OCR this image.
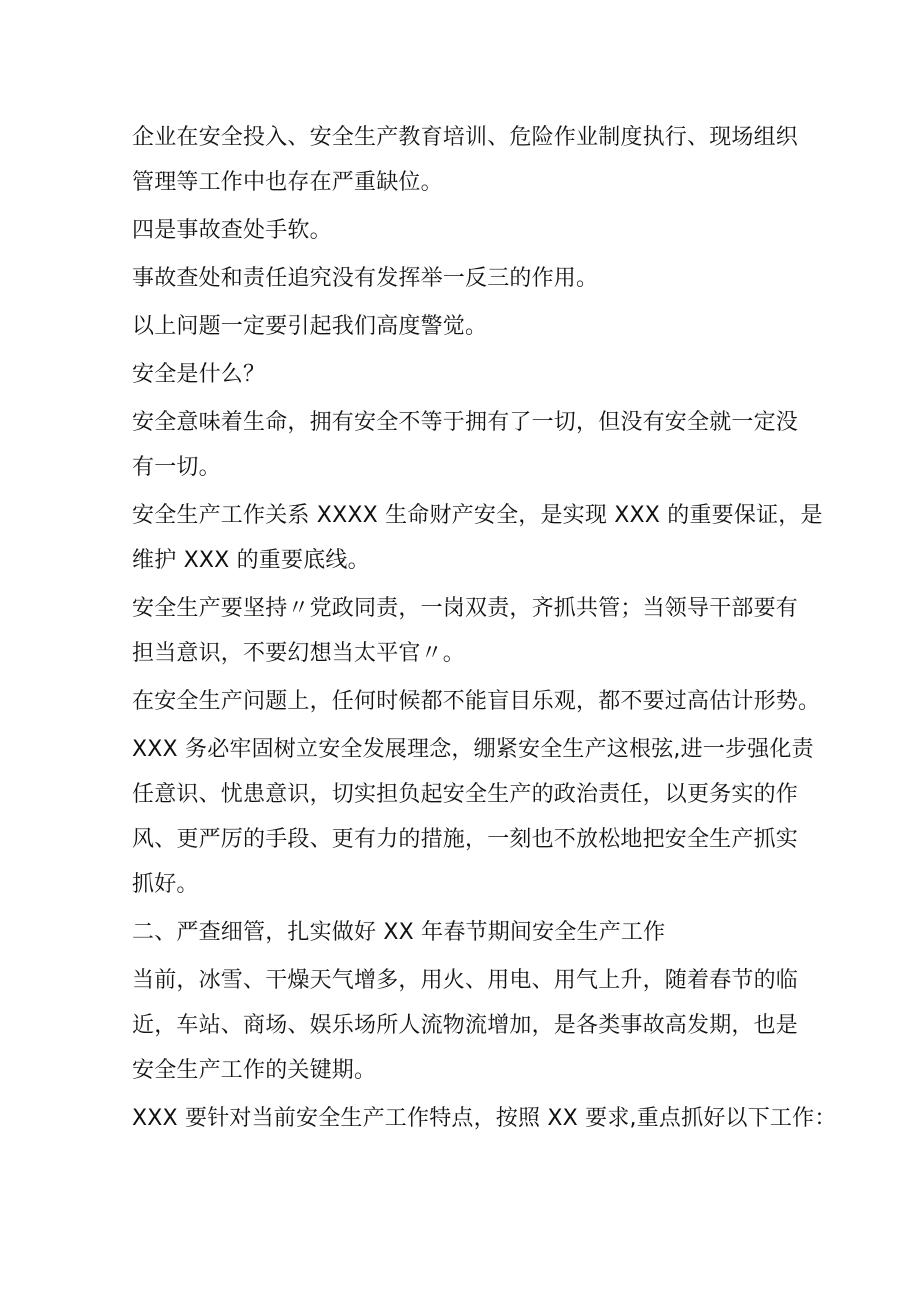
企业在安全投入、安全生产教育培训、危险作业制度执行、现场组织
管理等工作中也存在严重缺位。
四是事故查处手软。
事故查处和责任追究没有发挥举一反三的作用。
以上问题一定要引起我们高度警觉。
安全是什么？
安全意味着生命，拥有安全不等于拥有了一切，但没有安全就一定没
有一切。
安全生产工作关系 XXXX 生命财产安全，是实现 XXX 的重要保证，是
维护 XXX 的重要底线。
安全生产要坚持〃党政同责，一岗双责，齐抓共管；当领导干部要有
担当意识，不要幻想当太平官〃。
在安全生产问题上，任何时候都不能盲目乐观，都不要过高估计形势。
XXX 务必牢固树立安全发展理念，绷紧安全生产这根弦,进一步强化责
任意识、忧患意识，切实担负起安全生产的政治责任，以更务实的作
风、更严厉的手段、更有力的措施，一刻也不放松地把安全生产抓实
抓好。
二、严查细管，扎实做好 XX 年春节期间安全生产工作
当前，冰雪、干燥天气增多，用火、用电、用气上升，随着春节的临
近，车站、商场、娱乐场所人流物流增加，是各类事故高发期，也是
安全生产工作的关键期。
XXX 要针对当前安全生产工作特点，按照 XX 要求,重点抓好以下工作：
